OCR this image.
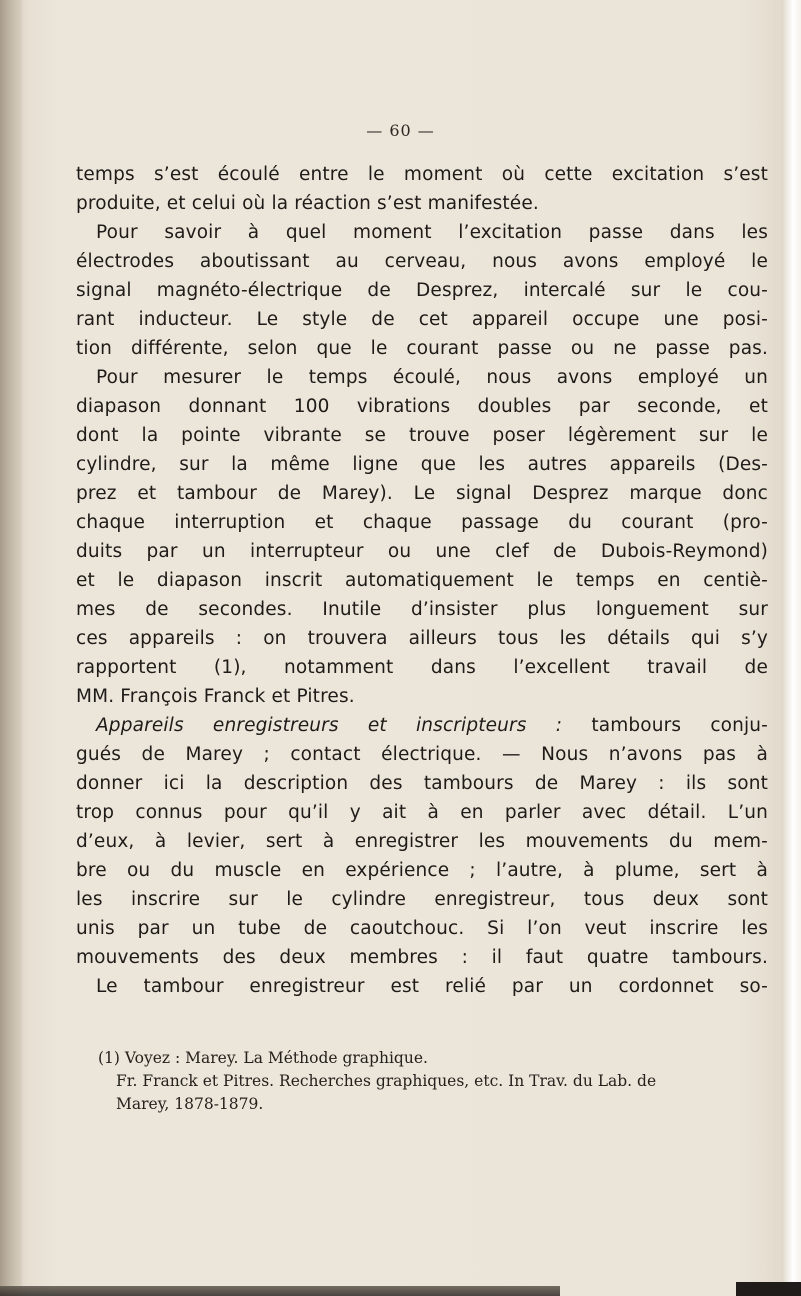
— 60 —
temps s’est écoulé entre le moment où cette excitation s’est
produite, et celui où la réaction s’est manifestée.
Pour savoir à quel moment l’excitation passe dans les
électrodes aboutissant au cerveau, nous avons employé le
signal magnéto-électrique de Desprez, intercalé sur le cou-
rant inducteur. Le style de cet appareil occupe une posi-
tion différente, selon que le courant passe ou ne passe pas.
Pour mesurer le temps écoulé, nous avons employé un
diapason donnant 100 vibrations doubles par seconde, et
dont la pointe vibrante se trouve poser légèrement sur le
cylindre, sur la même ligne que les autres appareils (Des-
prez et tambour de Marey). Le signal Desprez marque donc
chaque interruption et chaque passage du courant (pro-
duits par un interrupteur ou une clef de Dubois-Reymond)
et le diapason inscrit automatiquement le temps en centiè-
mes de secondes. Inutile d’insister plus longuement sur
ces appareils : on trouvera ailleurs tous les détails qui s’y
rapportent (1), notamment dans l’excellent travail de
MM. François Franck et Pitres.
Appareils enregistreurs et inscripteurs : tambours conju-
gués de Marey ; contact électrique. — Nous n’avons pas à
donner ici la description des tambours de Marey : ils sont
trop connus pour qu’il y ait à en parler avec détail. L’un
d’eux, à levier, sert à enregistrer les mouvements du mem-
bre ou du muscle en expérience ; l’autre, à plume, sert à
les inscrire sur le cylindre enregistreur, tous deux sont
unis par un tube de caoutchouc. Si l’on veut inscrire les
mouvements des deux membres : il faut quatre tambours.
Le tambour enregistreur est relié par un cordonnet so-
(1) Voyez : Marey. La Méthode graphique.
Fr. Franck et Pitres. Recherches graphiques, etc. In Trav. du Lab. de
Marey, 1878-1879.
